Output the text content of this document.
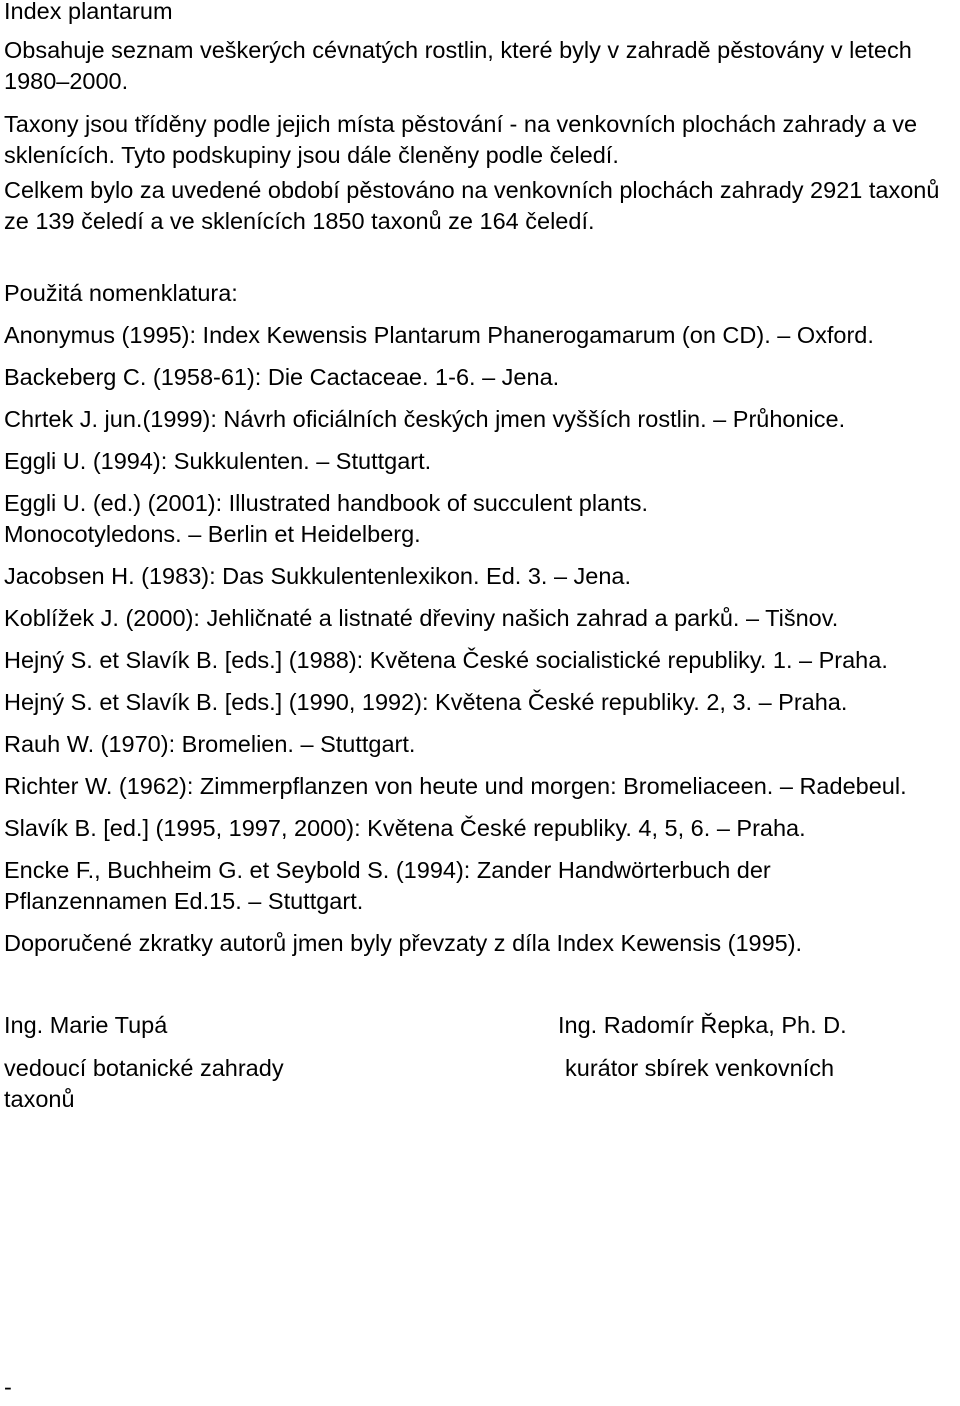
Index plantarum

Obsahuje seznam veškerých cévnatých rostlin, které byly v zahradě pěstovány v letech 1980–2000.

Taxony jsou tříděny podle jejich místa pěstování - na venkovních plochách zahrady a ve sklenících. Tyto podskupiny jsou dále členěny podle čeledí.

Celkem bylo za uvedené období pěstováno na venkovních plochách zahrady 2921 taxonů ze 139 čeledí a ve sklenících 1850 taxonů ze 164 čeledí.

Použitá nomenklatura:

Anonymus (1995): Index Kewensis Plantarum Phanerogamarum (on CD). – Oxford.

Backeberg C. (1958-61): Die Cactaceae. 1-6. – Jena.

Chrtek J. jun.(1999): Návrh oficiálních českých jmen vyšších rostlin. – Průhonice.

Eggli U. (1994): Sukkulenten. – Stuttgart.

Eggli U. (ed.) (2001): Illustrated handbook of succulent plants. Monocotyledons. – Berlin et Heidelberg.

Jacobsen H. (1983): Das Sukkulentenlexikon. Ed. 3. – Jena.

Koblížek J. (2000): Jehličnaté a listnaté dřeviny našich zahrad a parků. – Tišnov.

Hejný S. et Slavík B. [eds.] (1988): Květena České socialistické republiky. 1. – Praha.

Hejný S. et Slavík B. [eds.] (1990, 1992): Květena České republiky. 2, 3. – Praha.

Rauh W. (1970): Bromelien. – Stuttgart.

Richter W. (1962): Zimmerpflanzen von heute und morgen: Bromeliaceen. – Radebeul.

Slavík B. [ed.] (1995, 1997, 2000): Květena České republiky. 4, 5, 6. – Praha.

Encke F., Buchheim G. et Seybold S. (1994): Zander Handwörterbuch der Pflanzennamen Ed.15. – Stuttgart.

Doporučené zkratky autorů jmen byly převzaty z díla Index Kewensis (1995).

Ing. Marie Tupá	Ing. Radomír Řepka, Ph. D.
vedoucí botanické zahrady	kurátor sbírek venkovních
taxonů
-
